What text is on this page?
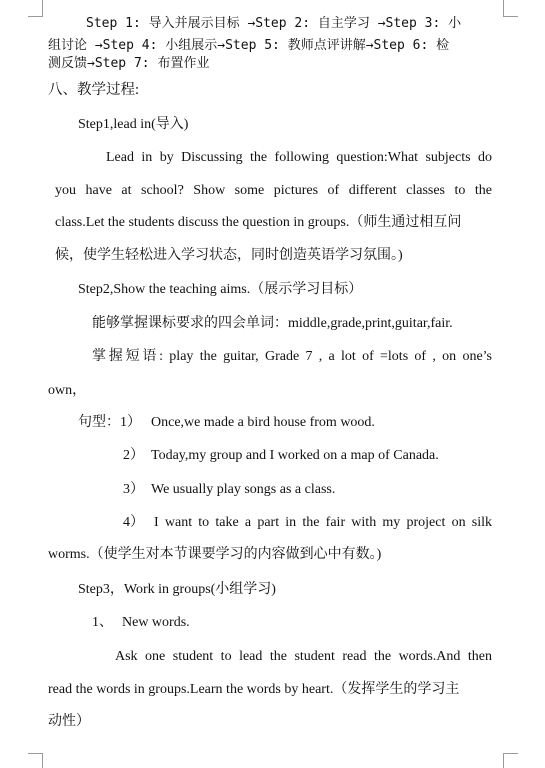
Step 1: 导入并展示目标 →Step 2: 自主学习 →Step 3: 小
组讨论 →Step 4: 小组展示→Step 5: 教师点评讲解→Step 6: 检
测反馈→Step 7: 布置作业
八、教学过程:
Step1,lead in(导入)
Lead in by Discussing the following question:What subjects do
you have at school? Show some pictures of different classes to the
class.Let the students discuss the question in groups.（师生通过相互问
候，使学生轻松进入学习状态，同时创造英语学习氛围。)
Step2,Show the teaching aims.（展示学习目标）
能够掌握课标要求的四会单词：middle,grade,print,guitar,fair.
掌握短语: play the guitar, Grade 7 , a lot of =lots of , on one’s
own，
句型：1） Once,we made a bird house from wood.
2） Today,my group and I worked on a map of Canada.
3） We usually play songs as a class.
4） I want to take a part in the fair with my project on silk
worms.（使学生对本节课要学习的内容做到心中有数。)
Step3，Work in groups(小组学习)
1、 New words.
Ask one student to lead the student read the words.And then
read the words in groups.Learn the words by heart.（发挥学生的学习主
动性）
